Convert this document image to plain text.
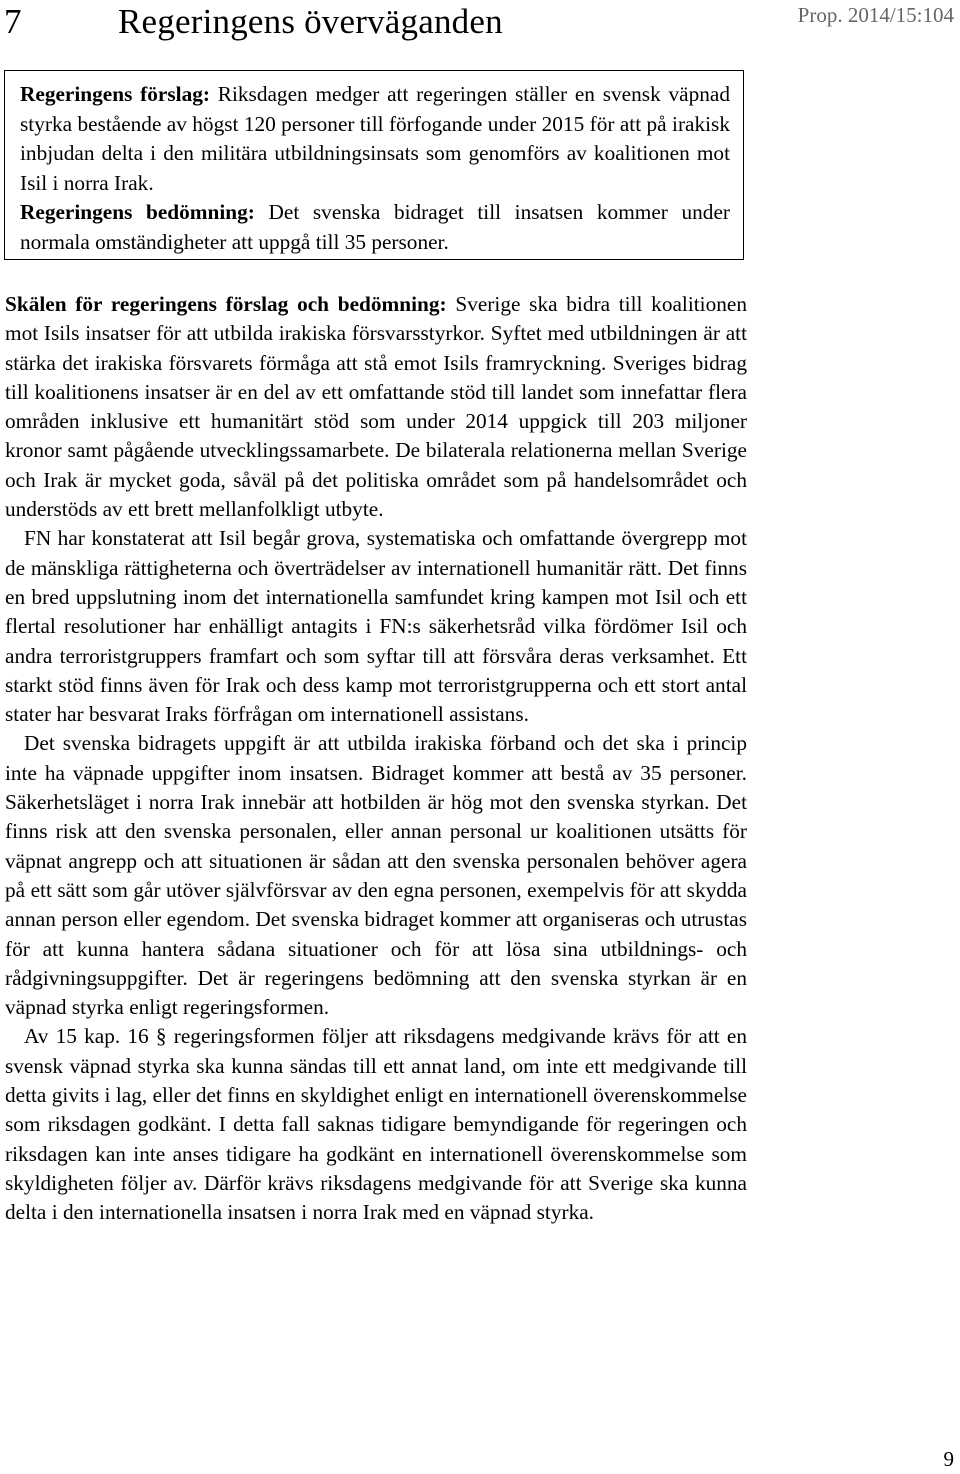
7	Regeringens överväganden	Prop. 2014/15:104

Regeringens förslag: Riksdagen medger att regeringen ställer en svensk väpnad styrka bestående av högst 120 personer till förfogande under 2015 för att på irakisk inbjudan delta i den militära utbildningsinsats som genomförs av koalitionen mot Isil i norra Irak.

Regeringens bedömning: Det svenska bidraget till insatsen kommer under normala omständigheter att uppgå till 35 personer.

Skälen för regeringens förslag och bedömning: Sverige ska bidra till koalitionen mot Isils insatser för att utbilda irakiska försvarsstyrkor. Syftet med utbildningen är att stärka det irakiska försvarets förmåga att stå emot Isils framryckning. Sveriges bidrag till koalitionens insatser är en del av ett omfattande stöd till landet som innefattar flera områden inklusive ett humanitärt stöd som under 2014 uppgick till 203 miljoner kronor samt pågående utvecklingssamarbete. De bilaterala relationerna mellan Sverige och Irak är mycket goda, såväl på det politiska området som på handelsområdet och understöds av ett brett mellanfolkligt utbyte.

FN har konstaterat att Isil begår grova, systematiska och omfattande övergrepp mot de mänskliga rättigheterna och överträdelser av internationell humanitär rätt. Det finns en bred uppslutning inom det internationella samfundet kring kampen mot Isil och ett flertal resolutioner har enhälligt antagits i FN:s säkerhetsråd vilka fördömer Isil och andra terroristgruppers framfart och som syftar till att försvåra deras verksamhet. Ett starkt stöd finns även för Irak och dess kamp mot terroristgrupperna och ett stort antal stater har besvarat Iraks förfrågan om internationell assistans.

Det svenska bidragets uppgift är att utbilda irakiska förband och det ska i princip inte ha väpnade uppgifter inom insatsen. Bidraget kommer att bestå av 35 personer. Säkerhetsläget i norra Irak innebär att hotbilden är hög mot den svenska styrkan. Det finns risk att den svenska personalen, eller annan personal ur koalitionen utsätts för väpnat angrepp och att situationen är sådan att den svenska personalen behöver agera på ett sätt som går utöver självförsvar av den egna personen, exempelvis för att skydda annan person eller egendom. Det svenska bidraget kommer att organiseras och utrustas för att kunna hantera sådana situationer och för att lösa sina utbildnings- och rådgivningsuppgifter. Det är regeringens bedömning att den svenska styrkan är en väpnad styrka enligt regeringsformen.

Av 15 kap. 16 § regeringsformen följer att riksdagens medgivande krävs för att en svensk väpnad styrka ska kunna sändas till ett annat land, om inte ett medgivande till detta givits i lag, eller det finns en skyldighet enligt en internationell överenskommelse som riksdagen godkänt. I detta fall saknas tidigare bemyndigande för regeringen och riksdagen kan inte anses tidigare ha godkänt en internationell överenskommelse som skyldigheten följer av. Därför krävs riksdagens medgivande för att Sverige ska kunna delta i den internationella insatsen i norra Irak med en väpnad styrka.

9
